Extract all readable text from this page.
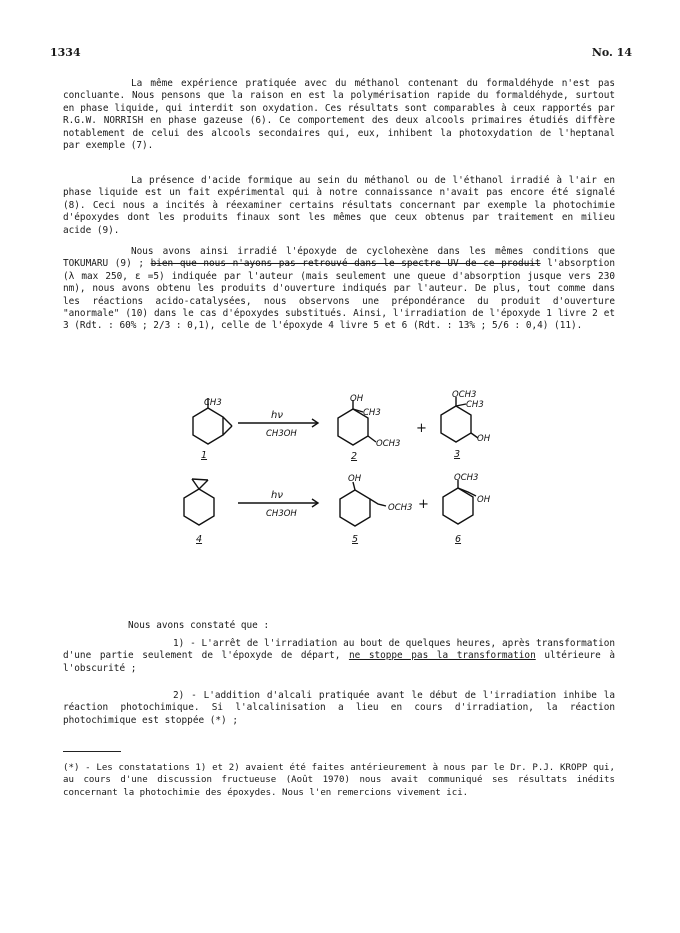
1334	No. 14

La même expérience pratiquée avec du méthanol contenant du formaldéhyde n'est pas concluante. Nous pensons que la raison en est la polymérisation rapide du formaldéhyde, surtout en phase liquide, qui interdit son oxydation. Ces résultats sont comparables à ceux rapportés par R.G.W. NORRISH en phase gazeuse (6). Ce comportement des deux alcools primaires étudiés diffère notablement de celui des alcools secondaires qui, eux, inhibent la photoxydation de l'heptanal par exemple (7).

La présence d'acide formique au sein du méthanol ou de l'éthanol irradié à l'air en phase liquide est un fait expérimental qui à notre connaissance n'avait pas encore été signalé (8). Ceci nous a incités à réexaminer certains résultats concernant par exemple la photochimie d'époxydes dont les produits finaux sont les mêmes que ceux obtenus par traitement en milieu acide (9).

Nous avons ainsi irradié l'époxyde de cyclohexène dans les mêmes conditions que TOKUMARU (9) ; bien que nous n'ayons pas retrouvé dans le spectre UV de ce produit l'absorption (λ max 250, ε =5) indiquée par l'auteur (mais seulement une queue d'absorption jusque vers 230 nm), nous avons obtenu les produits d'ouverture indiqués par l'auteur. De plus, tout comme dans les réactions acido-catalysées, nous observons une prépondérance du produit d'ouverture "anormale" (10) dans le cas d'époxydes substitués. Ainsi, l'irradiation de l'époxyde 1 livre 2 et 3 (Rdt. : 60% ; 2/3 : 0,1), celle de l'époxyde 4 livre 5 et 6 (Rdt. : 13% ; 5/6 : 0,4) (11).

CH3
hν
CH3OH
OH
CH3
OCH3
+
OCH3
CH3
OH
1	2	3
hν
CH3OH
OH
OCH3 +
OCH3
OH
4	5	6
Nous avons constaté que :

1) - L'arrêt de l'irradiation au bout de quelques heures, après transformation d'une partie seulement de l'époxyde de départ, ne stoppe pas la transformation ultérieure à l'obscurité ;

2) - L'addition d'alcali pratiquée avant le début de l'irradiation inhibe la réaction photochimique. Si l'alcalinisation a lieu en cours d'irradiation, la réaction photochimique est stoppée (*) ;

(*) - Les constatations 1) et 2) avaient été faites antérieurement à nous par le Dr. P.J. KROPP qui, au cours d'une discussion fructueuse (Août 1970) nous avait communiqué ses résultats inédits concernant la photochimie des époxydes. Nous l'en remercions vivement ici.
